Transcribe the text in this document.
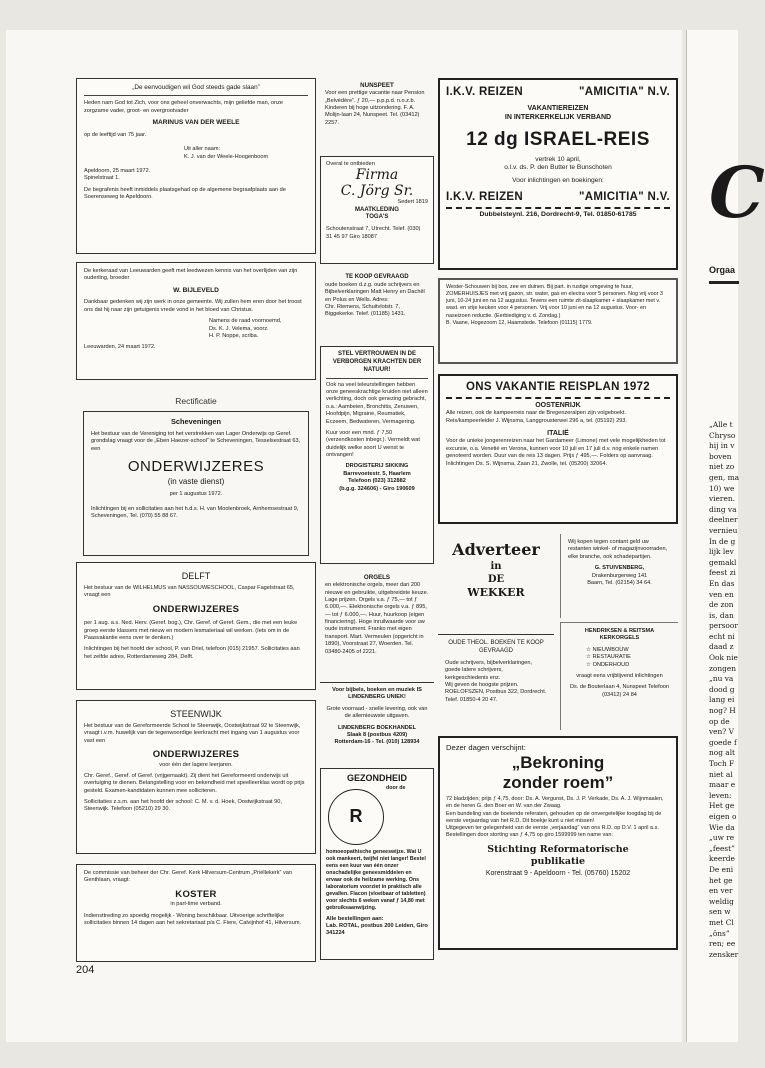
„De eenvoudigen wil God steeds gade slaan”
Heden nam God tot Zich, voor ons geheel onverwachts, mijn geliefde man, onze zorgzame vader, groot- en overgrootvader
MARINUS VAN DER WEELE
op de leeftijd van 75 jaar.
Uit aller naam:
K. J. van der Weele-Hoogenboom
Apeldoorn, 25 maart 1972.
Spinelstraat 1.
De begrafenis heeft inmiddels plaatsgehad op de algemene begraafplaats aan de Soerenseweg te Apeldoorn.
De kerkeraad van Leeuwarden geeft met leedwezen kennis van het overlijden van zijn ouderling, broeder
W. BIJLEVELD
Dankbaar gedenken wij zijn werk in onze gemeente. Wij zullen hem eren door het troost ons dat hij naar zijn getuigenis vrede vond in het bloed van Christus.
Namens de raad voornoemd,
Ds. K. J. Velema, voorz.
H. P. Noppe, scriba.
Leeuwarden, 24 maart 1972.
Rectificatie
Scheveningen
Het bestuur van de Vereniging tot het verstrekken van Lager Onderwijs op Geref. grondslag vraagt voor de „Eben Haezer-school” te Scheveningen, Tesselsestraat 63, een
ONDERWIJZERES
(in vaste dienst)
per 1 augustus 1972.
Inlichtingen bij en sollicitaties aan het h.d.s. H. van Moolenbroek, Arnhemsestraat 9, Scheveningen, Tel. (070) 55 88 67.
DELFT
Het bestuur van de WILHELMUS van NASSOUWESCHOOL, Caspar Fagelstraat 65, vraagt een
ONDERWIJZERES
per 1 aug. a.s. Ned. Herv. (Geref. bog.), Chr. Geref. of Geref. Gem., die met een leuke groep eerste klassers met nieuw en modern lesmateriaal wil werken. (Iets om in de Paasvakantie eens over te denken.)
Inlichtingen bij het hoofd der school, P. van Driel, telefoon (015) 21957. Sollicitaties aan het zelfde adres, Rotterdameweg 284, Delft.
STEENWIJK
Het bestuur van de Gereformeerde School te Steenwijk, Oostwijkstraat 92 te Steenwijk, vraagt i.v.m. huwelijk van de tegenwoordige leerkracht met ingang van 1 augustus voor vast een
ONDERWIJZERES
voor één der lagere leerjaren.
Chr. Geref., Geref. of Geref. (vrijgemaakt). Zij dient het Gereformeerd onderwijs uit overtuiging te dienen. Belangstelling voor en bekendheid met speelleerklas wordt op prijs gesteld. Examen-kandidaten kunnen mee solliciteren.
Sollicitaties z.s.m. aan het hoofd der school: C. M. v. d. Hoek, Oostwijkstraat 90, Steenwijk. Telefoon (05210) 29 30.
De commissie van beheer der Chr. Geref. Kerk Hilversum-Centrum „Priëllekerk” van Genthlaan, vraagt:
KOSTER
in part-time verband.
Indiensttreding zo spoedig mogelijk - Woning beschikbaar. Uitvoerige schriftelijke sollicitaties binnen 14 dagen aan het sekretariaat p/a C. Fiere, Calvijnhof 41, Hilversum.
NUNSPEET
Voor een prettige vacantie naar Pension „Belvédère”. ƒ 20,— p.p.p.d. n.o.z.b. Kinderen bij hoge uitzondering. F. A. Molijn-laan 24, Nunspeet. Tel. (03412) 2257.
Overal te ontbieden
Firma
C. Jörg Sr.
Sedert 1819
MAATKLEDING
TOGA'S
Schoutenstraat 7, Utrecht. Telef. (030) 31 45 97 Giro 18087
TE KOOP GEVRAAGD
oude boeken d.z.g. oude schrijvers en Bijbelverklaringen Matt Henry en Dachêl en Polus en Wells. Adres:
Chr. Riemens, Schuitvlotstr. 7, Biggekerke. Telef. (01185) 1431.
STEL VERTROUWEN IN DE VERBORGEN KRACHTEN DER NATUUR!
Ook na veel teleurstellingen hebben onze geneeskrachtige kruiden niet alleen verlichting, doch ook genezing gebracht, o.a.: Aambeien, Bronchitis, Zenuwen, Hoofdpijn, Migraine, Reumatiek, Eczeem, Bedwateren, Vermagering.
Kuur voor een mnd. ƒ 7,50 (verzendkosten inbegr.). Vermeldt wat duidelijk welke soort U wenst te ontvangen!
DROGISTERIJ SIKKING
Barrevoetestr. 5, Haarlem
Telefoon (023) 312882
(b.g.g. 324606) - Giro 190609
ORGELS
en elektronische orgels, meer dan 200 nieuwe en gebruikte, uitgebreidste keuze. Lage prijzen. Orgels v.a. ƒ 75,— tot ƒ 6.000,—. Elektronische orgels v.a. ƒ 895,— tot ƒ 6.000,—. Huur, huurkoop (eigen financiering). Hoge inruilwaarde voor uw oude instrument. Franko met eigen transport. Mart. Vermeulen (opgericht in 1890), Voorstraat 27, Woerden. Tel. 03480-2405 of 2221.
Voor bijbels, boeken en muziek IS LINDENBERG UNIEK!
Grote voorraad - snelle levering, ook van de allernieuwste uitgaven.
LINDENBERG BOEKHANDEL
Slaak 8 (postbus 4209)
Rotterdam-16 - Tel. (010) 128934
GEZONDHEID
R
door de homoeopathische geneeswijze. Wat U ook mankeert, twijfel niet langer! Bestel eens een kuur van één onzer onschadelijke geneesmiddelen en ervaar ook de heilzame werking. Ons laboratorium voorziet in praktisch alle gevallen. Flacon (vloeibaar of tabletten) voor slechts 6 weken vanaf ƒ 14,80 met gebruiksaanwijzing.
Alle bestellingen aan:
Lab. ROTAL, postbus 200 Leiden, Giro 341224
I.K.V. REIZEN	"AMICITIA" N.V.
VAKANTIEREIZEN
IN INTERKERKELIJK VERBAND
12 dg ISRAEL-REIS
vertrek 10 april,
o.l.v. ds. P. den Butter te Bunschoten
Voor inlichtingen en boekingen:
I.K.V. REIZEN	"AMICITIA" N.V.
Dubbelsteynl. 216, Dordrecht-9, Tel. 01850-61785
Wester-Schouwen bij bos, zee en duinen. Bij part. in rustige omgeving te huur, ZOMERHUISJES met vrij gazon, str. water, gas en electra voor 5 personen. Nog vrij voor 3 juni, 10-24 juni en na 12 augustus. Tevens een ruimte zit-slaapkamer + slaapkamer met v. wast. en vrije keuken voor 4 personen. Vrij voor 10 juni en na 12 augustus. Voor- en naseizoen reductie. (Eerbiediging v. d. Zondag.)
B. Vaane, Hogezoom 12, Haamstede. Telefoon (01115) 1779.
ONS VAKANTIE REISPLAN 1972
OOSTENRIJK
Alle reizen, ook de kampeerreis naar de Bregenzeralpen zijn volgeboekt. Reis/kampeerleider J. Wijnsma, Langgrousterwei 296 a, tel. (05192) 293.
ITALIË
Voor de unieke jongerenreizen naar het Gardameer (Limone) met vele mogelijkheden tot excursie, o.a. Venetië en Verona, kunnen voor 10 juli en 17 juli d.v. nog enkele namen genoteerd worden. Duur van de reis 13 dagen. Prijs ƒ 495,—. Folders op aanvraag. Inlichtingen Ds. S. Wijnsma, Zaan 21, Zwolle, tel. (05200) 32064.
Adverteer
in
DE
WEKKER
OUDE THEOL. BOEKEN TE KOOP GEVRAAGD
Oude schrijvers, bijbelverklaringen, goede latere schrijvers, kerkgeschiedenis enz.
Wij geven de hoogste prijzen. ROELOFSZEN, Postbus 322, Dordrecht. Telef. 01850-4 20 47.
Wij kopen tegen contant geld uw restanten winkel- of magazijnvoorraden, elke branche, ook schadepartijen.
G. STUIVENBERG,
Drakenburgerweg 141
Baarn, Tel. (02154) 34 64.
HENDRIKSEN & REITSMA KERKORGELS
☆ NIEUWBOUW
☆ RESTAURATIE
☆ ONDERHOUD
vraagt eens vrijblijvend inlichtingen
Ds. de Bouterlaan 4, Nunspeet Telefoon (03412) 24 84
Dezer dagen verschijnt:
„Bekroning
zonder roem”
72 bladzijden; prijs ƒ 4,75, door: Ds. A. Vergunst, Ds. J. P. Verkade, Ds. A. J. Wijnmaalen, en de heren G. den Boer en W. van der Zwaag.
Een bundeling van de boeiende referaten, gehouden op de onvergetelijke toogdag bij de eerste verjaardag van het R.D. Dit boekje kunt u niet missen!
Uitgegeven ter gelegenheid van de eerste „verjaardag” van ons R.D. op D.V. 1 april a.s.
Bestellingen door storting van ƒ 4,75 op giro 1599999 ten name van:
Stichting Reformatorische
publikatie
Korenstraat 9 - Apeldoorn - Tel. (05760) 15202
204
C
Orgaa
„Alle t
Chryso
hij in v
boven
niet zo
gen, ma
10) we
vieren.
ding va
deelner
vernieu
In de g
lijk lev
gemakl
feest zi
En das
ven en
de zon
is, dan
persoor
echt ni
daad z
Ook nie
zongen
„nu va
dood g
lang ei
nog? H
op de
ven? V
goede f
nog alt
Toch F
niet al
maar e
leven:
Het ge
eigen o
Wie da
„uw re
„feest”
keerde
De eni
het ge
en ver
weldig
sen w
met Cl
„ôns”
ren; ee
zensker
